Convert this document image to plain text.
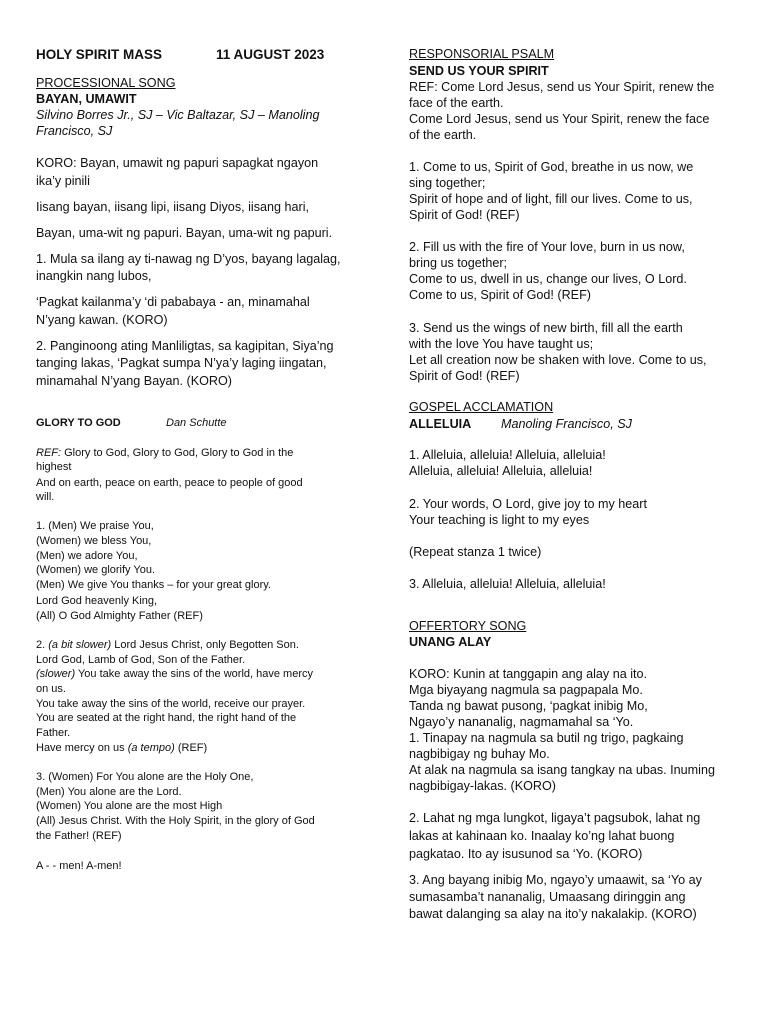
HOLY SPIRIT MASS	11 AUGUST 2023

PROCESSIONAL SONG

BAYAN, UMAWIT

Silvino Borres Jr., SJ – Vic Baltazar, SJ – Manoling

Francisco, SJ

KORO: Bayan, umawit ng papuri sapagkat ngayon

ika’y pinili

Iisang bayan, iisang lipi, iisang Diyos, iisang hari,

Bayan, uma-wit ng papuri. Bayan, uma-wit ng papuri.

1. Mula sa ilang ay ti-nawag ng D’yos, bayang lagalag,

inangkin nang lubos,

‘Pagkat kailanma’y ‘di pababaya - an, minamahal

N’yang kawan. (KORO)

2. Panginoong ating Manliligtas, sa kagipitan, Siya’ng

tanging lakas, ‘Pagkat sumpa N’ya’y laging iingatan,

minamahal N’yang Bayan. (KORO)

GLORY TO GOD	Dan Schutte

REF: Glory to God, Glory to God, Glory to God in the

highest

And on earth, peace on earth, peace to people of good

will.

1. (Men) We praise You,

(Women) we bless You,

(Men) we adore You,

(Women) we glorify You.

(Men) We give You thanks – for your great glory.

Lord God heavenly King,

(All) O God Almighty Father (REF)

2. (a bit slower) Lord Jesus Christ, only Begotten Son.

Lord God, Lamb of God, Son of the Father.

(slower) You take away the sins of the world, have mercy

on us.

You take away the sins of the world, receive our prayer.

You are seated at the right hand, the right hand of the

Father.

Have mercy on us (a tempo) (REF)

3. (Women) For You alone are the Holy One,

(Men) You alone are the Lord.

(Women) You alone are the most High

(All) Jesus Christ. With the Holy Spirit, in the glory of God

the Father! (REF)

A - - men! A-men!

RESPONSORIAL PSALM

SEND US YOUR SPIRIT

REF: Come Lord Jesus, send us Your Spirit, renew the

face of the earth.

Come Lord Jesus, send us Your Spirit, renew the face

of the earth.

1. Come to us, Spirit of God, breathe in us now, we

sing together;

Spirit of hope and of light, fill our lives. Come to us,

Spirit of God! (REF)

2. Fill us with the fire of Your love, burn in us now,

bring us together;

Come to us, dwell in us, change our lives, O Lord.

Come to us, Spirit of God! (REF)

3. Send us the wings of new birth, fill all the earth

with the love You have taught us;

Let all creation now be shaken with love. Come to us,

Spirit of God! (REF)

GOSPEL ACCLAMATION

ALLELUIA Manoling Francisco, SJ

1. Alleluia, alleluia! Alleluia, alleluia!

Alleluia, alleluia! Alleluia, alleluia!

2. Your words, O Lord, give joy to my heart

Your teaching is light to my eyes

(Repeat stanza 1 twice)

3. Alleluia, alleluia! Alleluia, alleluia!

OFFERTORY SONG

UNANG ALAY

KORO: Kunin at tanggapin ang alay na ito.

Mga biyayang nagmula sa pagpapala Mo.

Tanda ng bawat pusong, ‘pagkat inibig Mo,

Ngayo’y nananalig, nagmamahal sa ‘Yo.

1. Tinapay na nagmula sa butil ng trigo, pagkaing

nagbibigay ng buhay Mo.

At alak na nagmula sa isang tangkay na ubas. Inuming

nagbibigay-lakas. (KORO)

2. Lahat ng mga lungkot, ligaya’t pagsubok, lahat ng

lakas at kahinaan ko. Inaalay ko’ng lahat buong

pagkatao. Ito ay isusunod sa ‘Yo. (KORO)

3. Ang bayang inibig Mo, ngayo’y umaawit, sa ‘Yo ay

sumasamba’t nananalig, Umaasang diringgin ang

bawat dalanging sa alay na ito’y nakalakip. (KORO)
